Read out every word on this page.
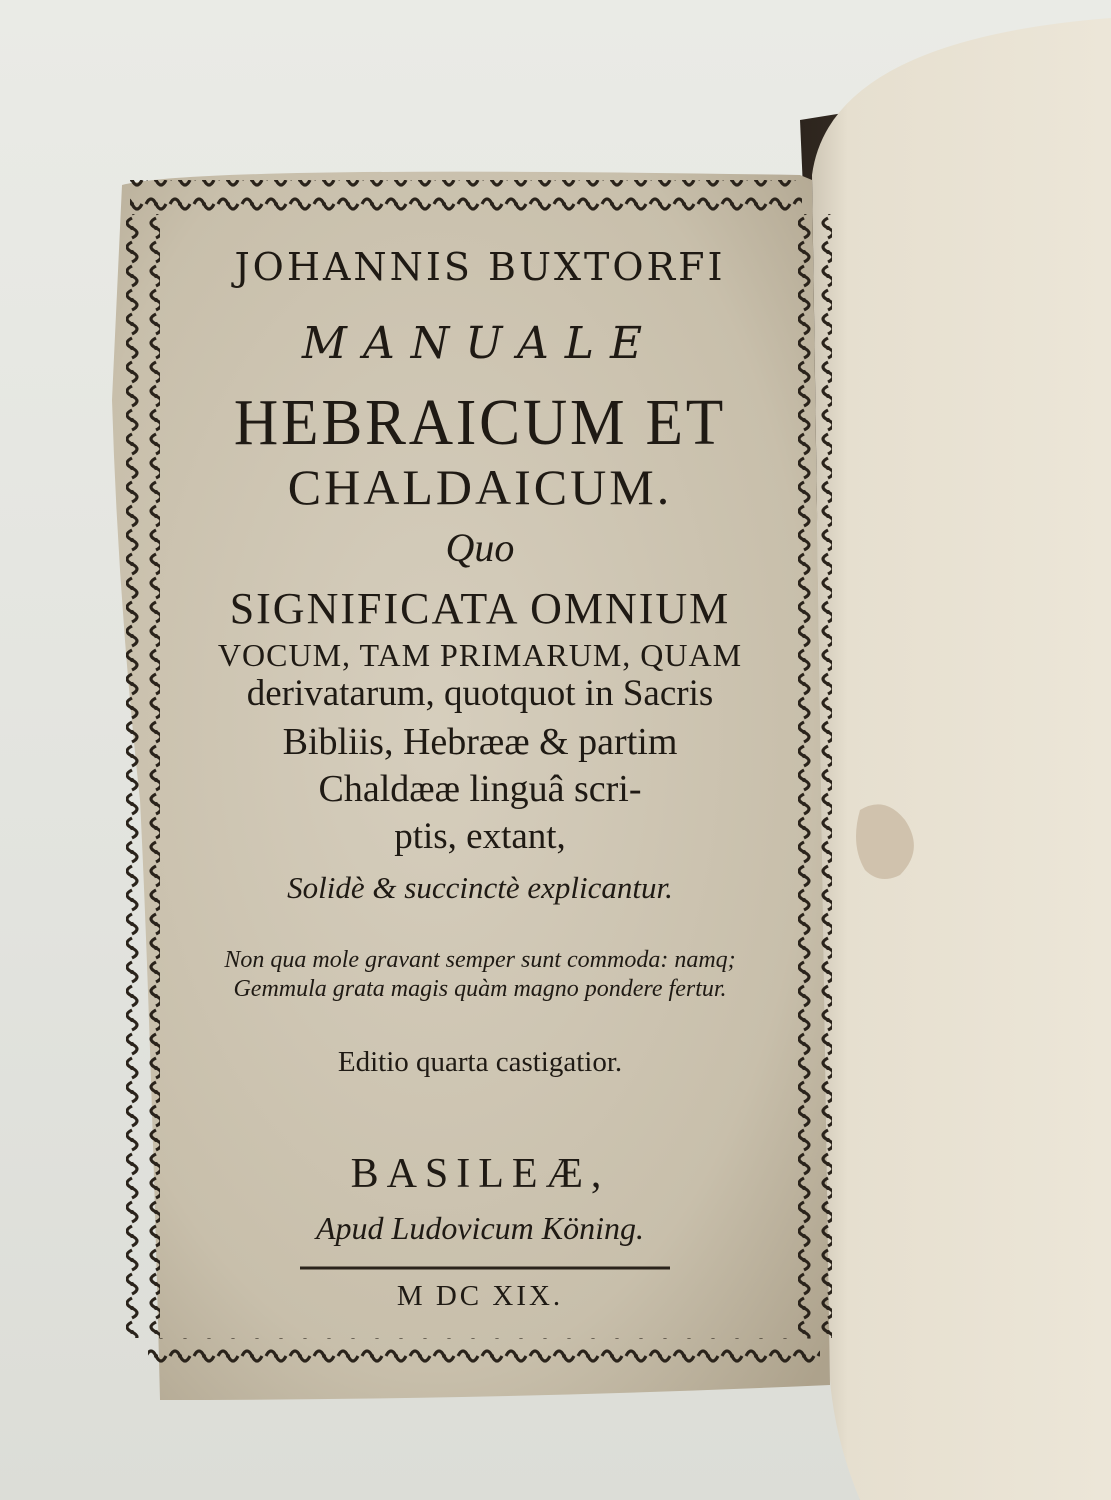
JOHANNIS BUXTORFI
MANUALE
HEBRAICUM ET
CHALDAICUM.
Quo
SIGNIFICATA OMNIUM
VOCUM, TAM PRIMARUM, QUAM
derivatarum, quotquot in Sacris
Bibliis, Hebrææ & partim
Chaldææ linguâ scri-
ptis, extant,
Solidè & succinctè explicantur.
Non qua mole gravant semper sunt commoda: namq;
Gemmula grata magis quàm magno pondere fertur.
Editio quarta castigatior.
BASILEÆ,
Apud Ludovicum Köning.
M DC XIX.
